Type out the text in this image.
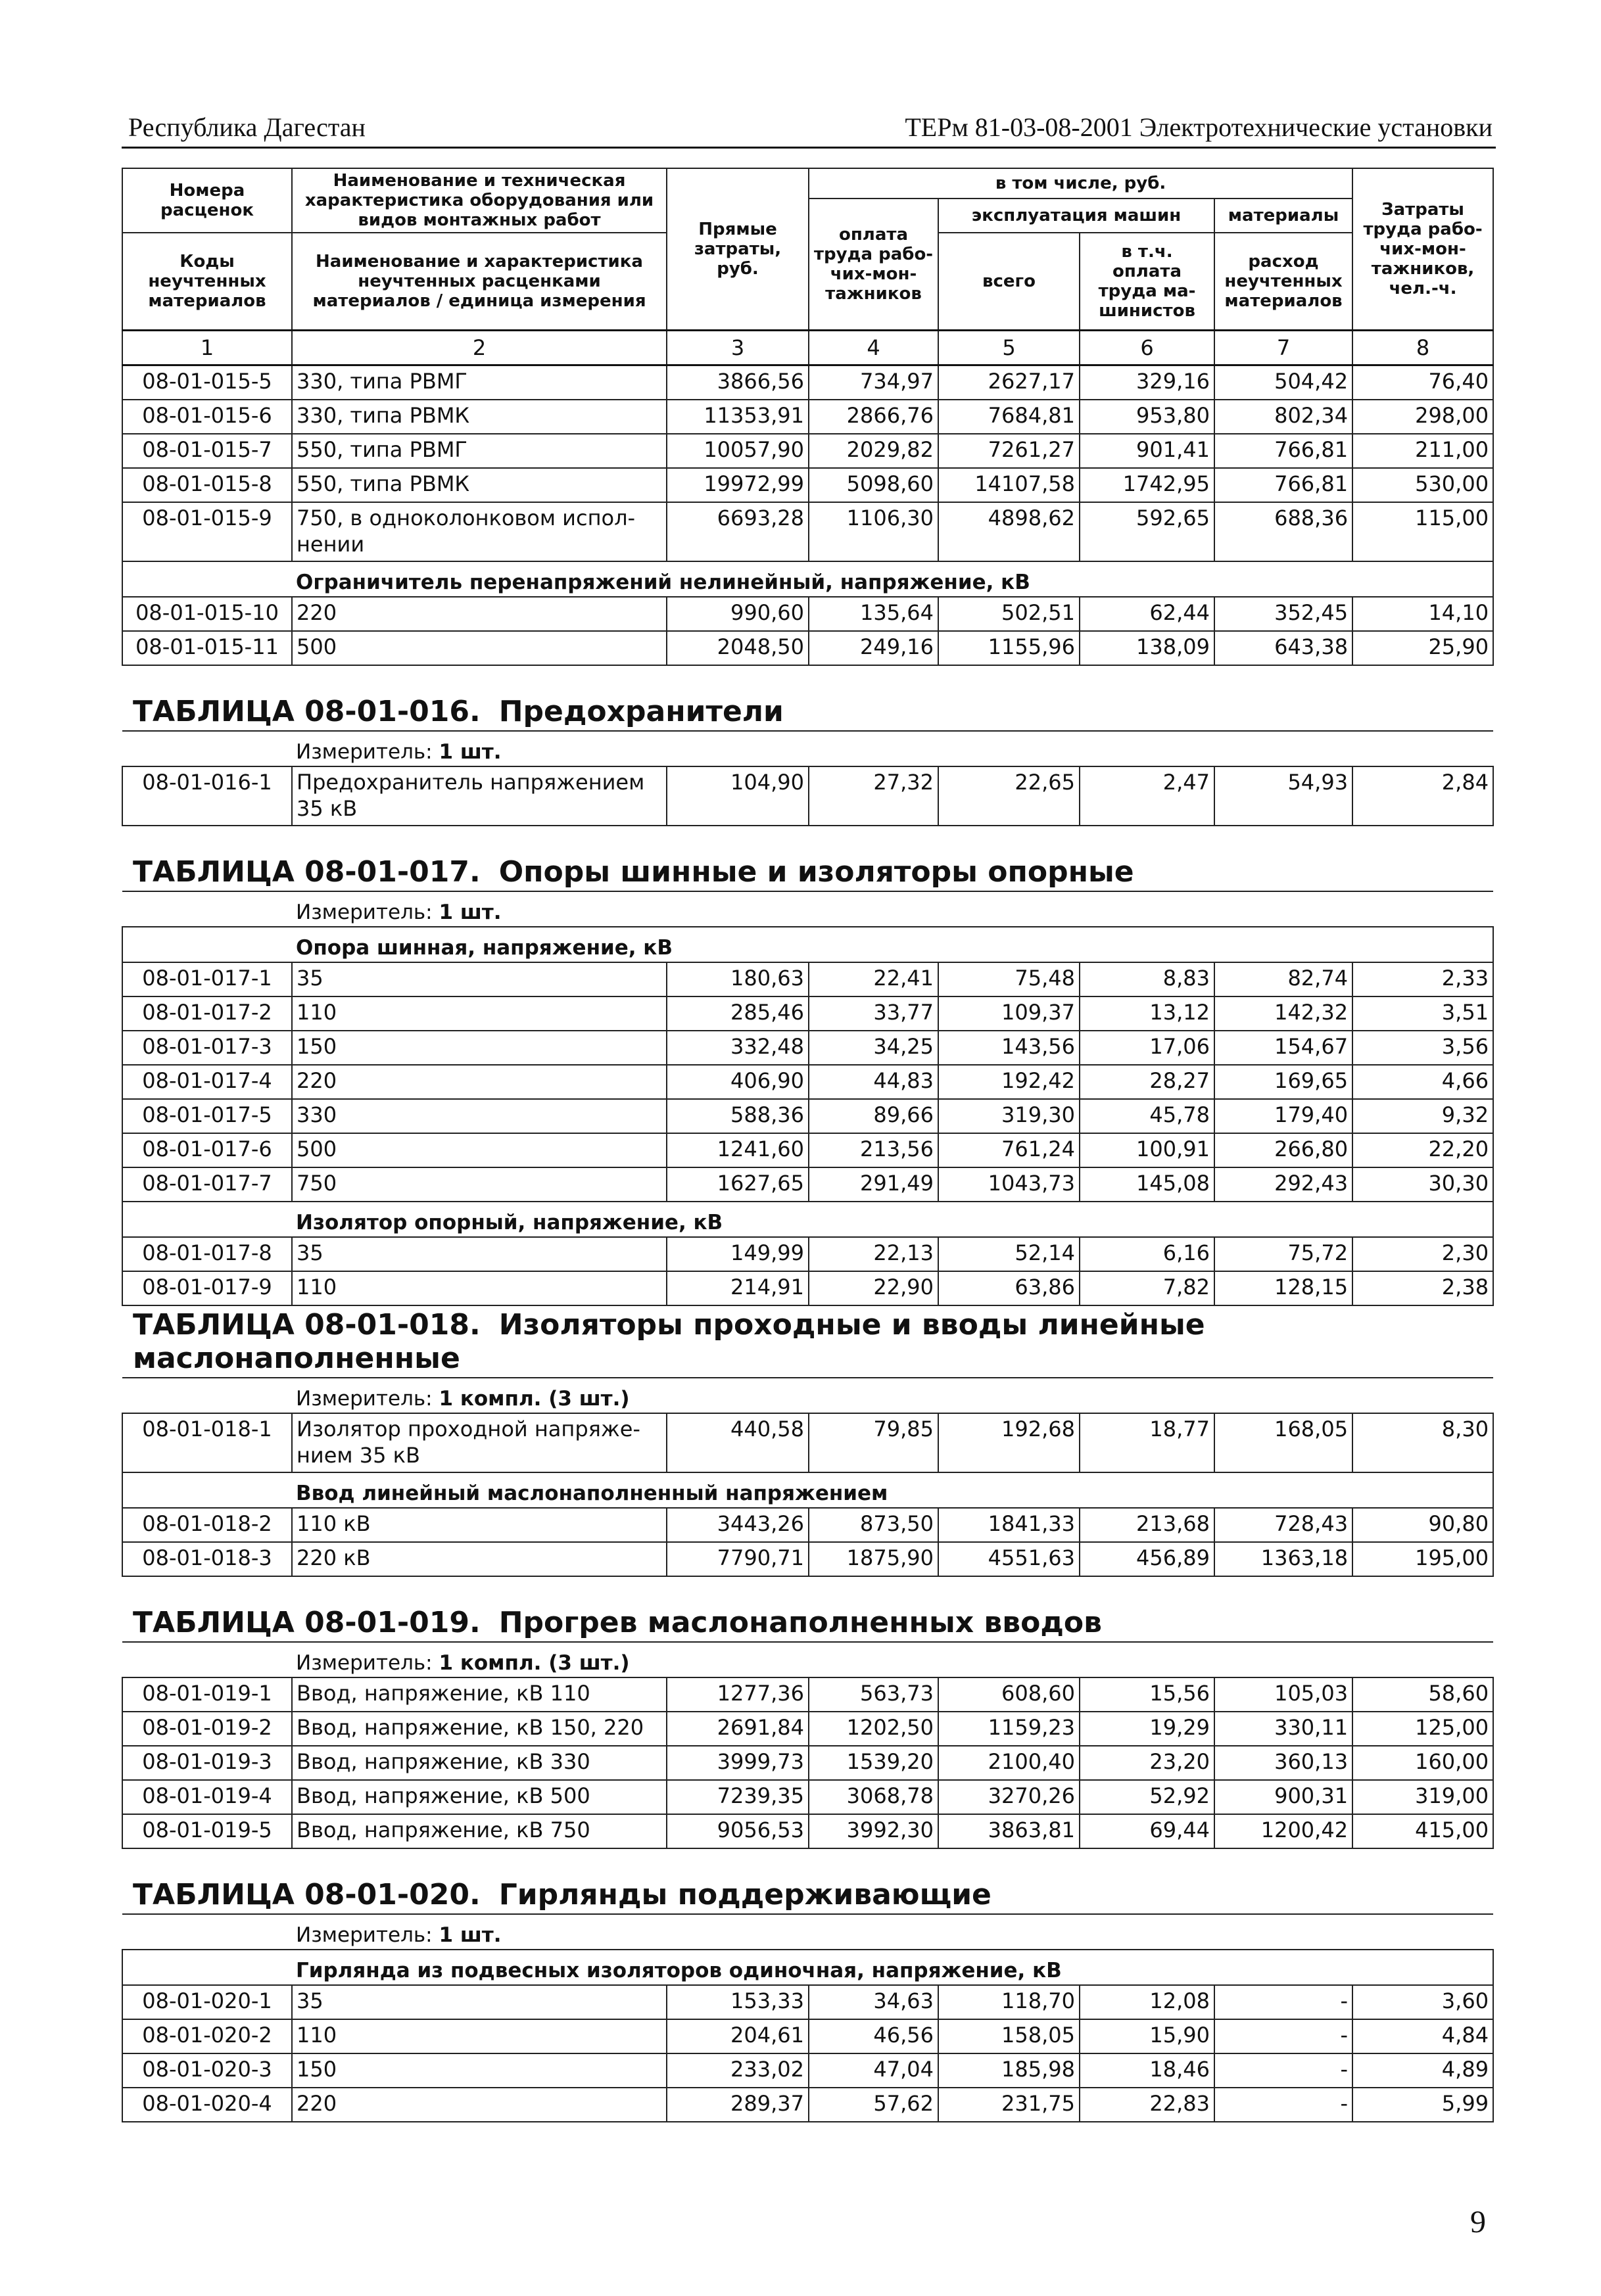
Республика Дагестан	ТЕРм 81-03-08-2001 Электротехнические установки
Номера расценок	Наименование и техническая характеристика оборудования или видов монтажных работ	Прямые затраты, руб.	в том числе, руб.				Затраты труда рабо-чих-мон-тажников, чел.-ч.
			оплата труда рабо-чих-мон-тажников	эксплуатация машин		материалы	
Коды неучтенных материалов	Наименование и характеристика неучтенных расценками материалов / единица измерения			всего	в т.ч. оплата труда ма-шинистов	расход неучтенных материалов	

1	2	3	4	5	6	7	8
08-01-015-5	330, типа РВМГ	3866,56	734,97	2627,17	329,16	504,42	76,40
08-01-015-6	330, типа РВМК	11353,91	2866,76	7684,81	953,80	802,34	298,00
08-01-015-7	550, типа РВМГ	10057,90	2029,82	7261,27	901,41	766,81	211,00
08-01-015-8	550, типа РВМК	19972,99	5098,60	14107,58	1742,95	766,81	530,00
08-01-015-9	750, в одноколонковом испол-нении	6693,28	1106,30	4898,62	592,65	688,36	115,00
	Ограничитель перенапряжений нелинейный, напряжение, кВ						
08-01-015-10	220	990,60	135,64	502,51	62,44	352,45	14,10
08-01-015-11	500	2048,50	249,16	1155,96	138,09	643,38	25,90
ТАБЛИЦА 08-01-016. Предохранители							
	Измеритель: 1 шт.						
08-01-016-1	Предохранитель напряжением 35 кВ	104,90	27,32	22,65	2,47	54,93	2,84
ТАБЛИЦА 08-01-017. Опоры шинные и изоляторы опорные							
	Измеритель: 1 шт.						
	Опора шинная, напряжение, кВ						
08-01-017-1	35	180,63	22,41	75,48	8,83	82,74	2,33
08-01-017-2	110	285,46	33,77	109,37	13,12	142,32	3,51
08-01-017-3	150	332,48	34,25	143,56	17,06	154,67	3,56
08-01-017-4	220	406,90	44,83	192,42	28,27	169,65	4,66
08-01-017-5	330	588,36	89,66	319,30	45,78	179,40	9,32
08-01-017-6	500	1241,60	213,56	761,24	100,91	266,80	22,20
08-01-017-7	750	1627,65	291,49	1043,73	145,08	292,43	30,30
	Изолятор опорный, напряжение, кВ						
08-01-017-8	35	149,99	22,13	52,14	6,16	75,72	2,30
08-01-017-9	110	214,91	22,90	63,86	7,82	128,15	2,38
ТАБЛИЦА 08-01-018. Изоляторы проходные и вводы линейные маслонаполненные							
	Измеритель: 1 компл. (3 шт.)						
08-01-018-1	Изолятор проходной напряже-нием 35 кВ	440,58	79,85	192,68	18,77	168,05	8,30
	Ввод линейный маслонаполненный напряжением						
08-01-018-2	110 кВ	3443,26	873,50	1841,33	213,68	728,43	90,80
08-01-018-3	220 кВ	7790,71	1875,90	4551,63	456,89	1363,18	195,00
ТАБЛИЦА 08-01-019. Прогрев маслонаполненных вводов							
	Измеритель: 1 компл. (3 шт.)						
08-01-019-1	Ввод, напряжение, кВ 110	1277,36	563,73	608,60	15,56	105,03	58,60
08-01-019-2	Ввод, напряжение, кВ 150, 220	2691,84	1202,50	1159,23	19,29	330,11	125,00
08-01-019-3	Ввод, напряжение, кВ 330	3999,73	1539,20	2100,40	23,20	360,13	160,00
08-01-019-4	Ввод, напряжение, кВ 500	7239,35	3068,78	3270,26	52,92	900,31	319,00
08-01-019-5	Ввод, напряжение, кВ 750	9056,53	3992,30	3863,81	69,44	1200,42	415,00
ТАБЛИЦА 08-01-020. Гирлянды поддерживающие							
	Измеритель: 1 шт.						
	Гирлянда из подвесных изоляторов одиночная, напряжение, кВ						
08-01-020-1	35	153,33	34,63	118,70	12,08	-	3,60
08-01-020-2	110	204,61	46,56	158,05	15,90	-	4,84
08-01-020-3	150	233,02	47,04	185,98	18,46	-	4,89
08-01-020-4	220	289,37	57,62	231,75	22,83	-	5,99
9
